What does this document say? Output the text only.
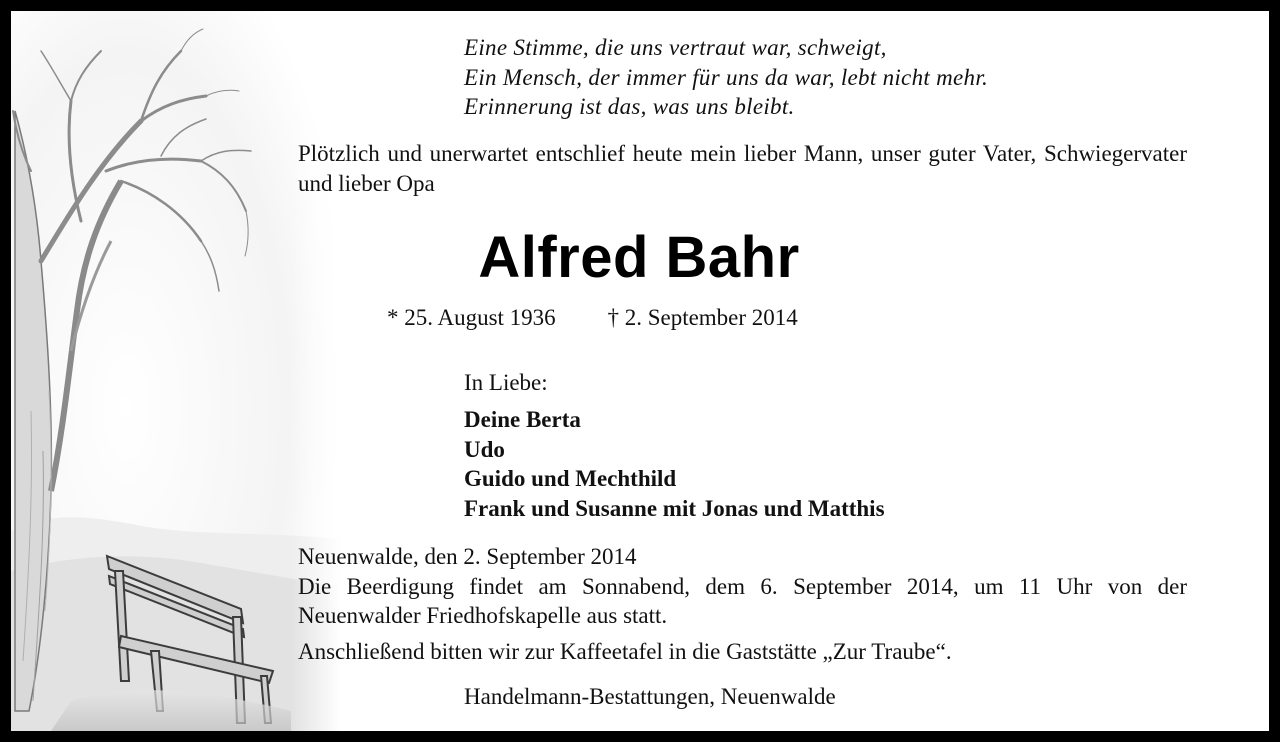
Eine Stimme, die uns vertraut war, schweigt,
Ein Mensch, der immer für uns da war, lebt nicht mehr.
Erinnerung ist das, was uns bleibt.
Plötzlich und unerwartet entschlief heute mein lieber Mann, unser guter Vater, Schwiegervater und lieber Opa
Alfred Bahr
* 25. August 1936 † 2. September 2014
In Liebe:
Deine Berta
Udo
Guido und Mechthild
Frank und Susanne mit Jonas und Matthis
Neuenwalde, den 2. September 2014
Die Beerdigung findet am Sonnabend, dem 6. September 2014, um 11 Uhr von der Neuenwalder Friedhofskapelle aus statt.
Anschließend bitten wir zur Kaffeetafel in die Gaststätte „Zur Traube“.
Handelmann-Bestattungen, Neuenwalde
